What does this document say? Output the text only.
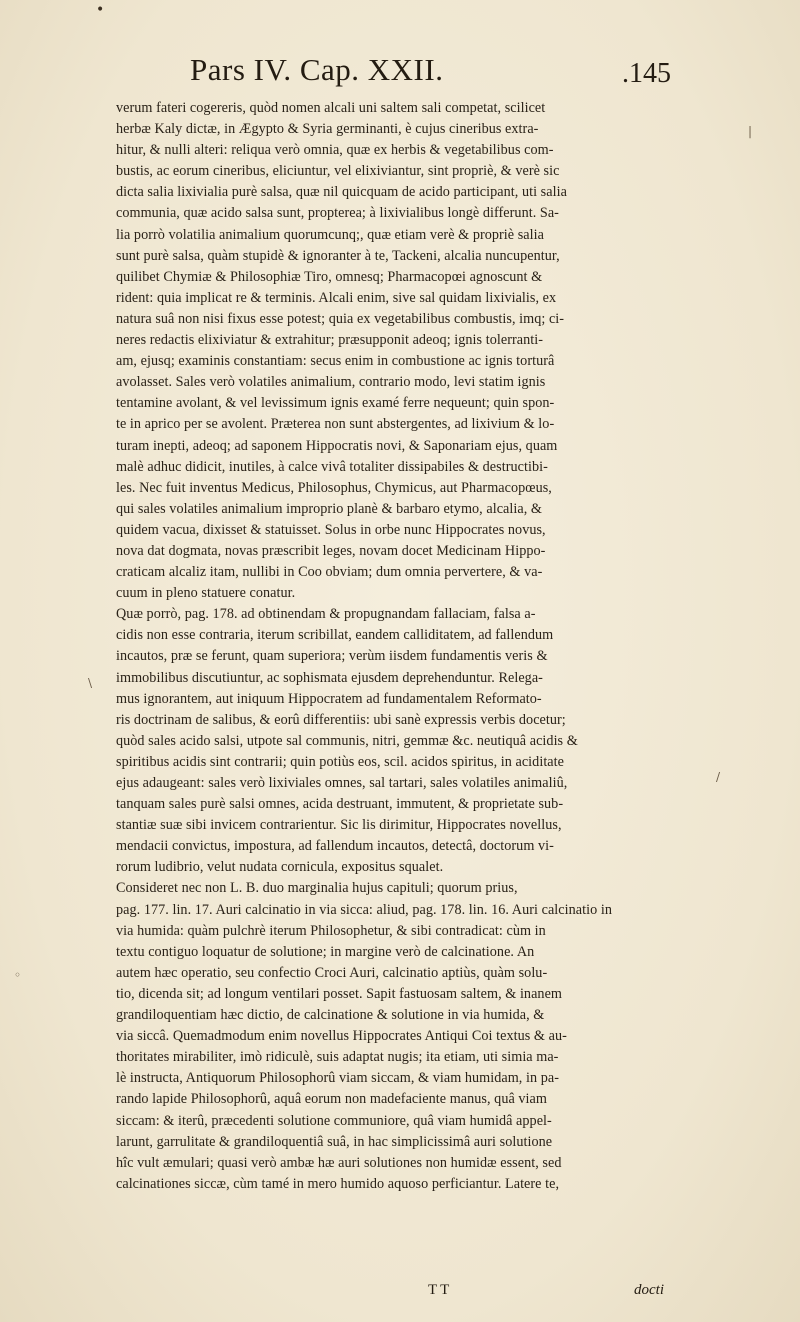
•
Pars IV. Cap. XXII.	.145
verum fateri cogereris, quòd nomen alcali uni saltem sali competat, scilicet
herbæ Kaly dictæ, in Ægypto & Syria germinanti, è cujus cineribus extra-
hitur, & nulli alteri: reliqua verò omnia, quæ ex herbis & vegetabilibus com-
bustis, ac eorum cineribus, eliciuntur, vel elixiviantur, sint propriè, & verè sic
dicta salia lixivialia purè salsa, quæ nil quicquam de acido participant, uti salia
communia, quæ acido salsa sunt, propterea; à lixivialibus longè differunt. Sa-
lia porrò volatilia animalium quorumcunq;, quæ etiam verè & propriè salia
sunt purè salsa, quàm stupidè & ignoranter à te, Tackeni, alcalia nuncupentur,
quilibet Chymiæ & Philosophiæ Tiro, omnesq; Pharmacopœi agnoscunt &
rident: quia implicat re & terminis. Alcali enim, sive sal quidam lixivialis, ex
natura suâ non nisi fixus esse potest; quia ex vegetabilibus combustis, imq; ci-
neres redactis elixiviatur & extrahitur; præsupponit adeoq; ignis tolerranti-
am, ejusq; examinis constantiam: secus enim in combustione ac ignis torturâ
avolasset. Sales verò volatiles animalium, contrario modo, levi statim ignis
tentamine avolant, & vel levissimum ignis examé ferre nequeunt; quin spon-
te in aprico per se avolent. Præterea non sunt abstergentes, ad lixivium & lo-
turam inepti, adeoq; ad saponem Hippocratis novi, & Saponariam ejus, quam
malè adhuc didicit, inutiles, à calce vivâ totaliter dissipabiles & destructibi-
les. Nec fuit inventus Medicus, Philosophus, Chymicus, aut Pharmacopœus,
qui sales volatiles animalium improprio planè & barbaro etymo, alcalia, &
quidem vacua, dixisset & statuisset. Solus in orbe nunc Hippocrates novus,
nova dat dogmata, novas præscribit leges, novam docet Medicinam Hippo-
craticam alcaliz itam, nullibi in Coo obviam; dum omnia pervertere, & va-
cuum in pleno statuere conatur.
Quæ porrò, pag. 178. ad obtinendam & propugnandam fallaciam, falsa a-
cidis non esse contraria, iterum scribillat, eandem calliditatem, ad fallendum
incautos, præ se ferunt, quam superiora; verùm iisdem fundamentis veris &
immobilibus discutiuntur, ac sophismata ejusdem deprehenduntur. Relega-
mus ignorantem, aut iniquum Hippocratem ad fundamentalem Reformato-
ris doctrinam de salibus, & eorû differentiis: ubi sanè expressis verbis docetur;
quòd sales acido salsi, utpote sal communis, nitri, gemmæ &c. neutiquâ acidis &
spiritibus acidis sint contrarii; quin potiùs eos, scil. acidos spiritus, in aciditate
ejus adaugeant: sales verò lixiviales omnes, sal tartari, sales volatiles animaliû,
tanquam sales purè salsi omnes, acida destruant, immutent, & proprietate sub-
stantiæ suæ sibi invicem contrarientur. Sic lis dirimitur, Hippocrates novellus,
mendacii convictus, impostura, ad fallendum incautos, detectâ, doctorum vi-
rorum ludibrio, velut nudata cornicula, expositus squalet.
Consideret nec non L. B. duo marginalia hujus capituli; quorum prius,
pag. 177. lin. 17. Auri calcinatio in via sicca: aliud, pag. 178. lin. 16. Auri calcinatio in
via humida: quàm pulchrè iterum Philosophetur, & sibi contradicat: cùm in
textu contiguo loquatur de solutione; in margine verò de calcinatione. An
autem hæc operatio, seu confectio Croci Auri, calcinatio aptiùs, quàm solu-
tio, dicenda sit; ad longum ventilari posset. Sapit fastuosam saltem, & inanem
grandiloquentiam hæc dictio, de calcinatione & solutione in via humida, &
via siccâ. Quemadmodum enim novellus Hippocrates Antiqui Coi textus & au-
thoritates mirabiliter, imò ridiculè, suis adaptat nugis; ita etiam, uti simia ma-
lè instructa, Antiquorum Philosophorû viam siccam, & viam humidam, in pa-
rando lapide Philosophorû, aquâ eorum non madefaciente manus, quâ viam
siccam: & iterû, præcedenti solutione communiore, quâ viam humidâ appel-
larunt, garrulitate & grandiloquentiâ suâ, in hac simplicissimâ auri solutione
hîc vult æmulari; quasi verò ambæ hæ auri solutiones non humidæ essent, sed
calcinationes siccæ, cùm tamé in mero humido aquoso perficiantur. Latere te,
|
\
/
◦
TT	docti
